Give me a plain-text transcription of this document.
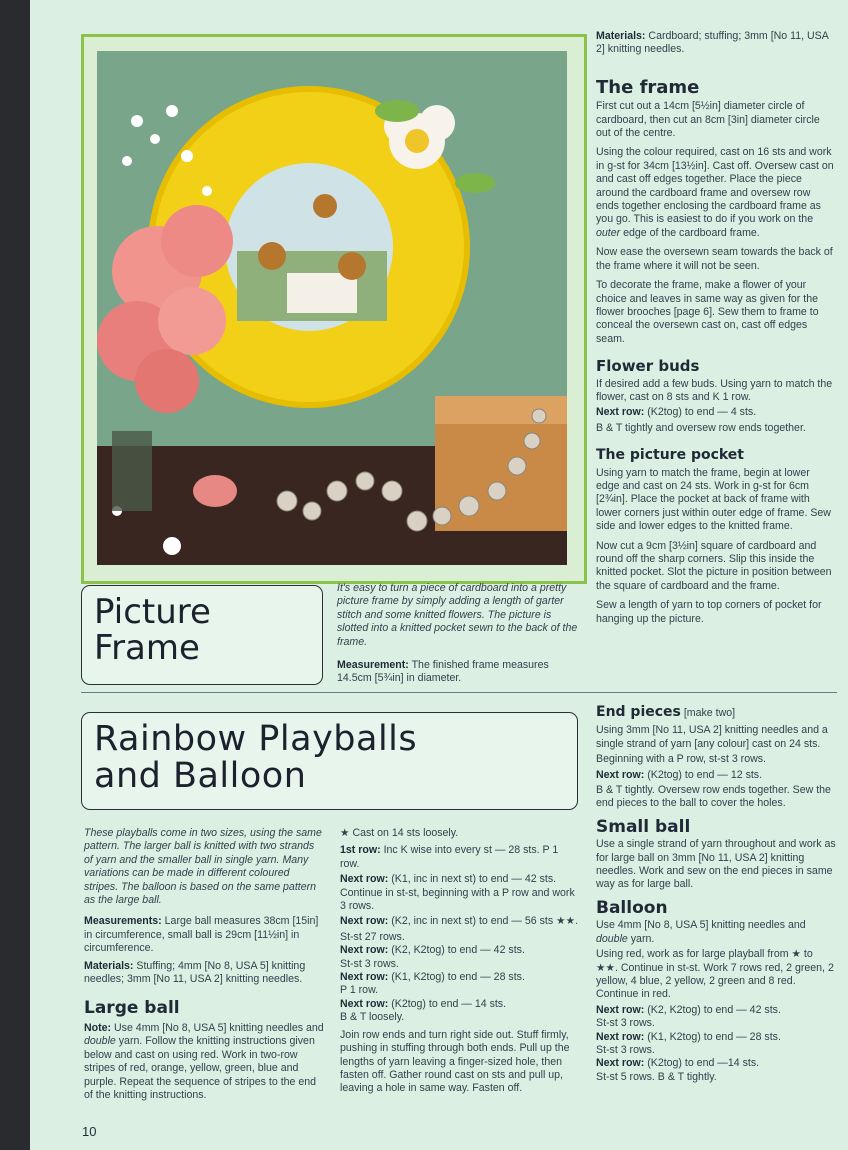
Materials: Cardboard; stuffing; 3mm [No 11, USA 2] knitting needles.

The frame

First cut out a 14cm [5½in] diameter circle of cardboard, then cut an 8cm [3in] diameter circle out of the centre.

Using the colour required, cast on 16 sts and work in g-st for 34cm [13½in]. Cast off. Oversew cast on and cast off edges together. Place the piece around the cardboard frame and oversew row ends together enclosing the cardboard frame as you go. This is easiest to do if you work on the outer edge of the cardboard frame.

Now ease the oversewn seam towards the back of the frame where it will not be seen.

To decorate the frame, make a flower of your choice and leaves in same way as given for the flower brooches [page 6]. Sew them to frame to conceal the oversewn cast on, cast off edges seam.

Flower buds

If desired add a few buds. Using yarn to match the flower, cast on 8 sts and K 1 row.

Next row: (K2tog) to end — 4 sts.

B & T tightly and oversew row ends together.

The picture pocket

Using yarn to match the frame, begin at lower edge and cast on 24 sts. Work in g-st for 6cm [2¾in]. Place the pocket at back of frame with lower corners just within outer edge of frame. Sew side and lower edges to the knitted frame.

Now cut a 9cm [3½in] square of cardboard and round off the sharp corners. Slip this inside the knitted pocket. Slot the picture in position between the square of cardboard and the frame.

Sew a length of yarn to top corners of pocket for hanging up the picture.

Picture
Frame

It's easy to turn a piece of cardboard into a pretty picture frame by simply adding a length of garter stitch and some knitted flowers. The picture is slotted into a knitted pocket sewn to the back of the frame.

Measurement: The finished frame measures 14.5cm [5¾in] in diameter.

Rainbow Playballs
and Balloon

These playballs come in two sizes, using the same pattern. The larger ball is knitted with two strands of yarn and the smaller ball in single yarn. Many variations can be made in different coloured stripes. The balloon is based on the same pattern as the large ball.

Measurements: Large ball measures 38cm [15in] in circumference, small ball is 29cm [11½in] in circumference.

Materials: Stuffing; 4mm [No 8, USA 5] knitting needles; 3mm [No 11, USA 2] knitting needles.

Large ball

Note: Use 4mm [No 8, USA 5] knitting needles and double yarn. Follow the knitting instructions given below and cast on using red. Work in two-row stripes of red, orange, yellow, green, blue and purple. Repeat the sequence of stripes to the end of the knitting instructions.

★ Cast on 14 sts loosely.

1st row: Inc K wise into every st — 28 sts. P 1 row.

Next row: (K1, inc in next st) to end — 42 sts. Continue in st-st, beginning with a P row and work 3 rows.

Next row: (K2, inc in next st) to end — 56 sts ★★.

St-st 27 rows.

Next row: (K2, K2tog) to end — 42 sts.

St-st 3 rows.

Next row: (K1, K2tog) to end — 28 sts.

P 1 row.

Next row: (K2tog) to end — 14 sts.

B & T loosely.

Join row ends and turn right side out. Stuff firmly, pushing in stuffing through both ends. Pull up the lengths of yarn leaving a finger-sized hole, then fasten off. Gather round cast on sts and pull up, leaving a hole in same way. Fasten off.

End pieces [make two]

Using 3mm [No 11, USA 2] knitting needles and a single strand of yarn [any colour] cast on 24 sts.

Beginning with a P row, st-st 3 rows.

Next row: (K2tog) to end — 12 sts.

B & T tightly. Oversew row ends together. Sew the end pieces to the ball to cover the holes.

Small ball

Use a single strand of yarn throughout and work as for large ball on 3mm [No 11, USA 2] knitting needles. Work and sew on the end pieces in same way as for large ball.

Balloon

Use 4mm [No 8, USA 5] knitting needles and double yarn.

Using red, work as for large playball from ★ to ★★. Continue in st-st. Work 7 rows red, 2 green, 2 yellow, 4 blue, 2 yellow, 2 green and 8 red. Continue in red.

Next row: (K2, K2tog) to end — 42 sts.

St-st 3 rows.

Next row: (K1, K2tog) to end — 28 sts.

St-st 3 rows.

Next row: (K2tog) to end —14 sts.

St-st 5 rows. B & T tightly.

10
